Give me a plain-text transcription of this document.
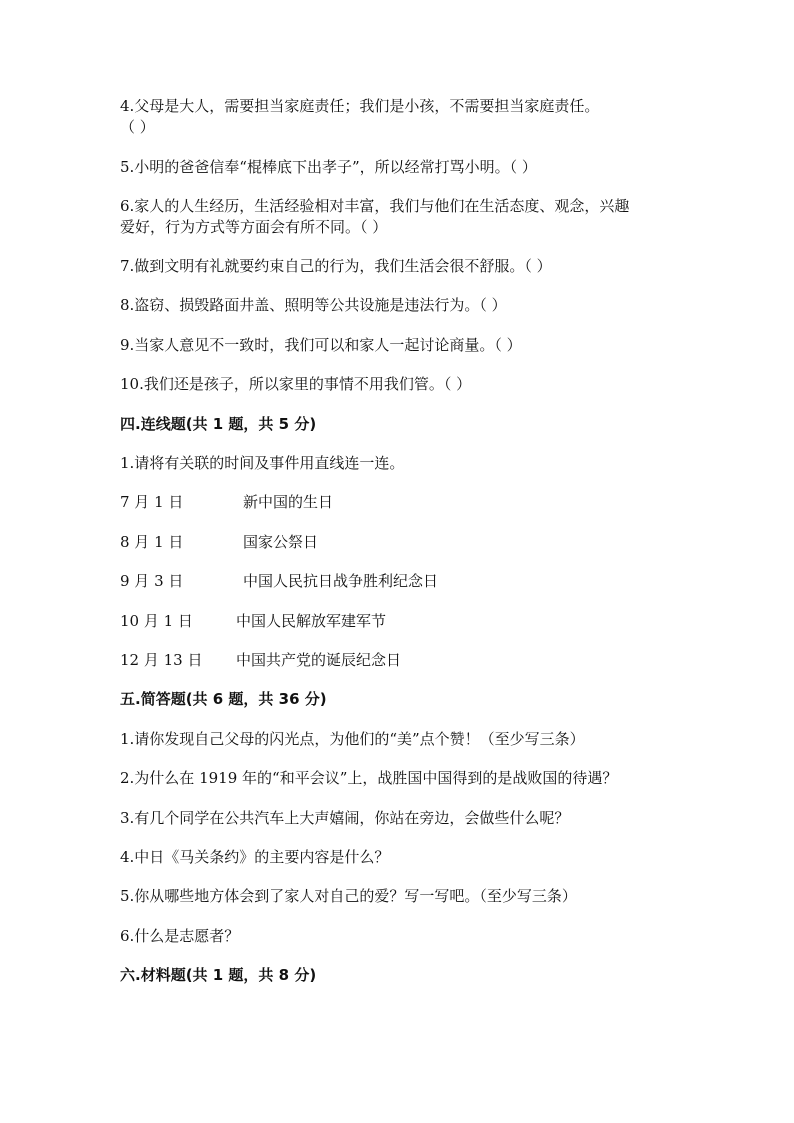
4.父母是大人，需要担当家庭责任；我们是小孩，不需要担当家庭责任。
（ ）
5.小明的爸爸信奉“棍棒底下出孝子”，所以经常打骂小明。（ ）
6.家人的人生经历，生活经验相对丰富，我们与他们在生活态度、观念，兴趣
爱好，行为方式等方面会有所不同。（ ）
7.做到文明有礼就要约束自己的行为，我们生活会很不舒服。（ ）
8.盗窃、损毁路面井盖、照明等公共设施是违法行为。（ ）
9.当家人意见不一致时，我们可以和家人一起讨论商量。（ ）
10.我们还是孩子，所以家里的事情不用我们管。（ ）
四.连线题(共 1 题，共 5 分)
1.请将有关联的时间及事件用直线连一连。
7 月 1 日	新中国的生日
8 月 1 日	国家公祭日
9 月 3 日	中国人民抗日战争胜利纪念日
10 月 1 日	中国人民解放军建军节
12 月 13 日 中国共产党的诞辰纪念日
五.简答题(共 6 题，共 36 分)
1.请你发现自己父母的闪光点，为他们的“美”点个赞！（至少写三条）
2.为什么在 1919 年的“和平会议”上，战胜国中国得到的是战败国的待遇？
3.有几个同学在公共汽车上大声嬉闹，你站在旁边，会做些什么呢？
4.中日《马关条约》的主要内容是什么？
5.你从哪些地方体会到了家人对自己的爱？写一写吧。（至少写三条）
6.什么是志愿者？
六.材料题(共 1 题，共 8 分)
